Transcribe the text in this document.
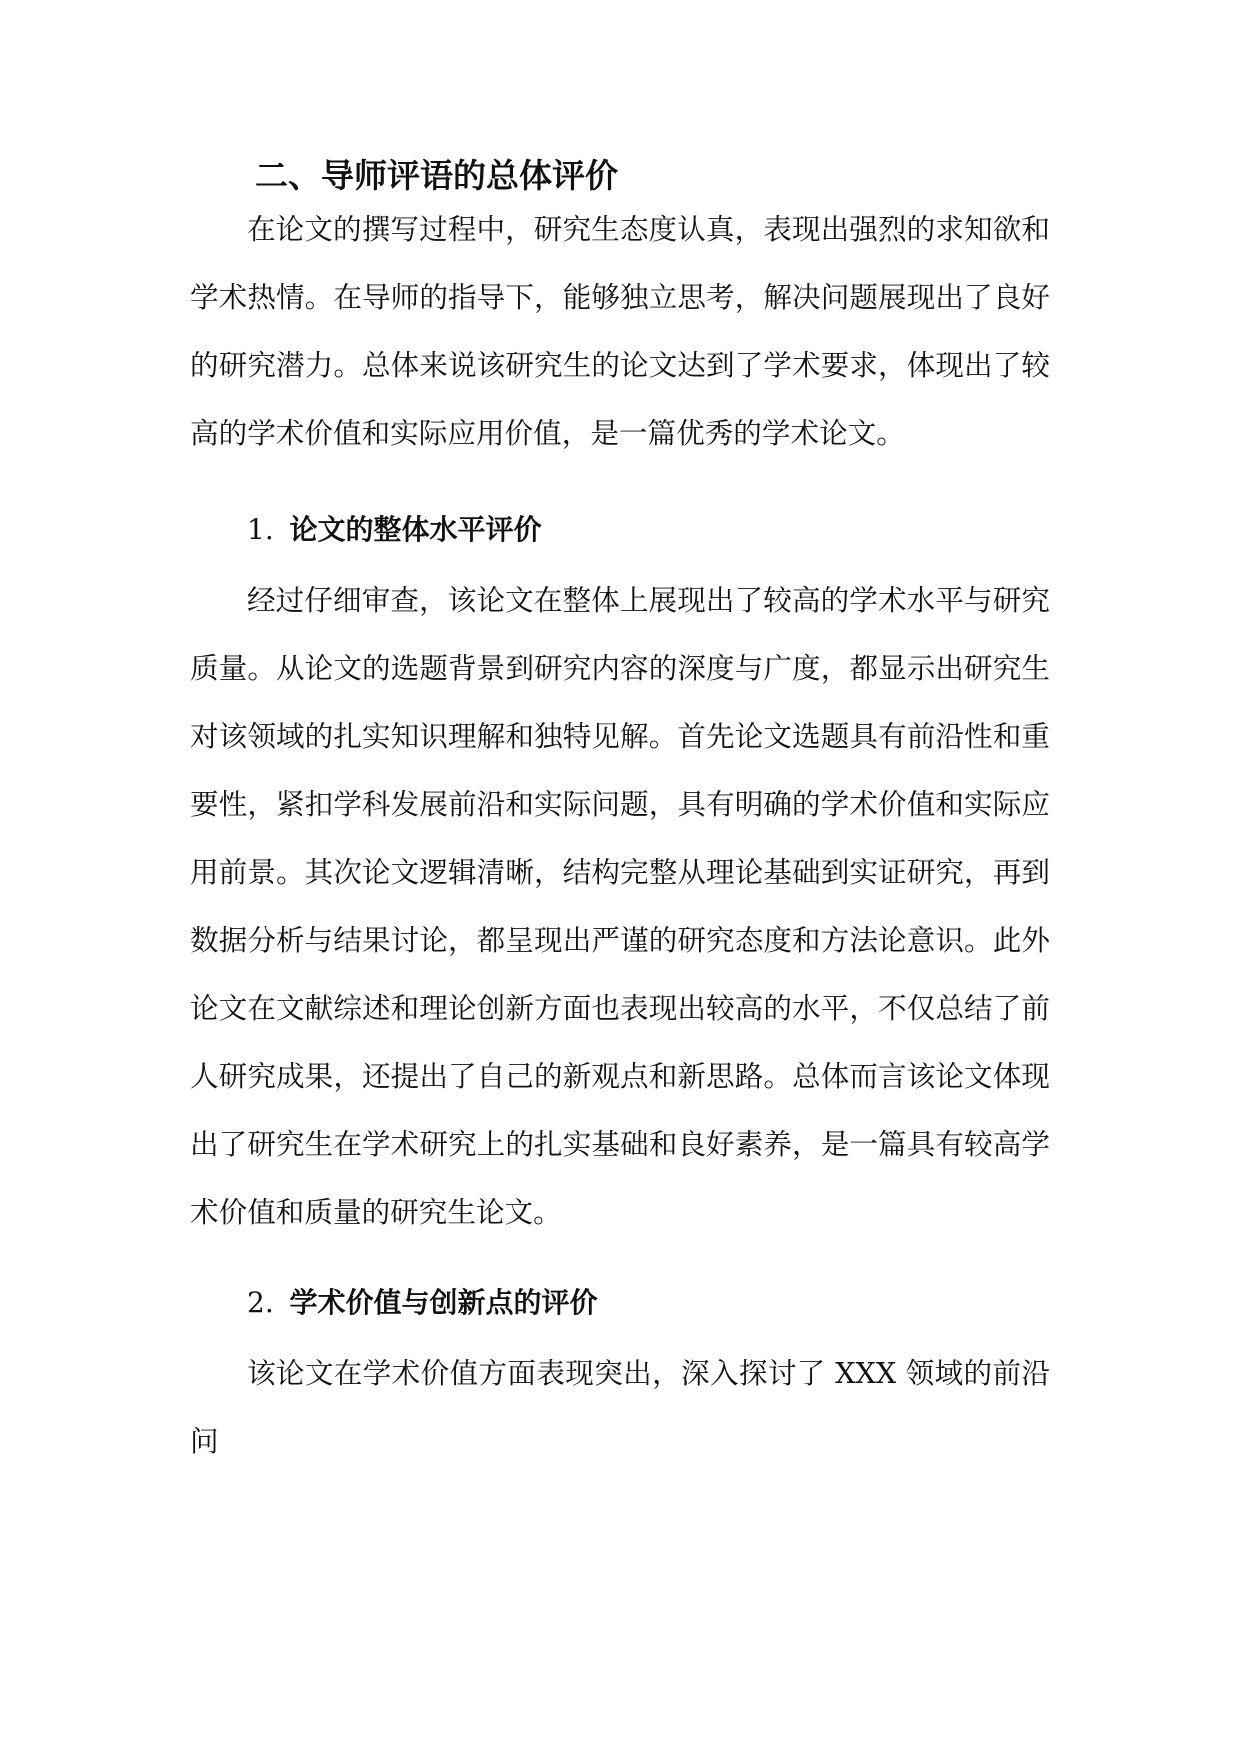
二、导师评语的总体评价

在论文的撰写过程中，研究生态度认真，表现出强烈的求知欲和学术热情。在导师的指导下，能够独立思考，解决问题展现出了良好的研究潜力。总体来说该研究生的论文达到了学术要求，体现出了较高的学术价值和实际应用价值，是一篇优秀的学术论文。

1. 论文的整体水平评价

经过仔细审查，该论文在整体上展现出了较高的学术水平与研究质量。从论文的选题背景到研究内容的深度与广度，都显示出研究生对该领域的扎实知识理解和独特见解。首先论文选题具有前沿性和重要性，紧扣学科发展前沿和实际问题，具有明确的学术价值和实际应用前景。其次论文逻辑清晰，结构完整从理论基础到实证研究，再到数据分析与结果讨论，都呈现出严谨的研究态度和方法论意识。此外论文在文献综述和理论创新方面也表现出较高的水平，不仅总结了前人研究成果，还提出了自己的新观点和新思路。总体而言该论文体现出了研究生在学术研究上的扎实基础和良好素养，是一篇具有较高学术价值和质量的研究生论文。

2. 学术价值与创新点的评价

该论文在学术价值方面表现突出，深入探讨了 XXX 领域的前沿问
